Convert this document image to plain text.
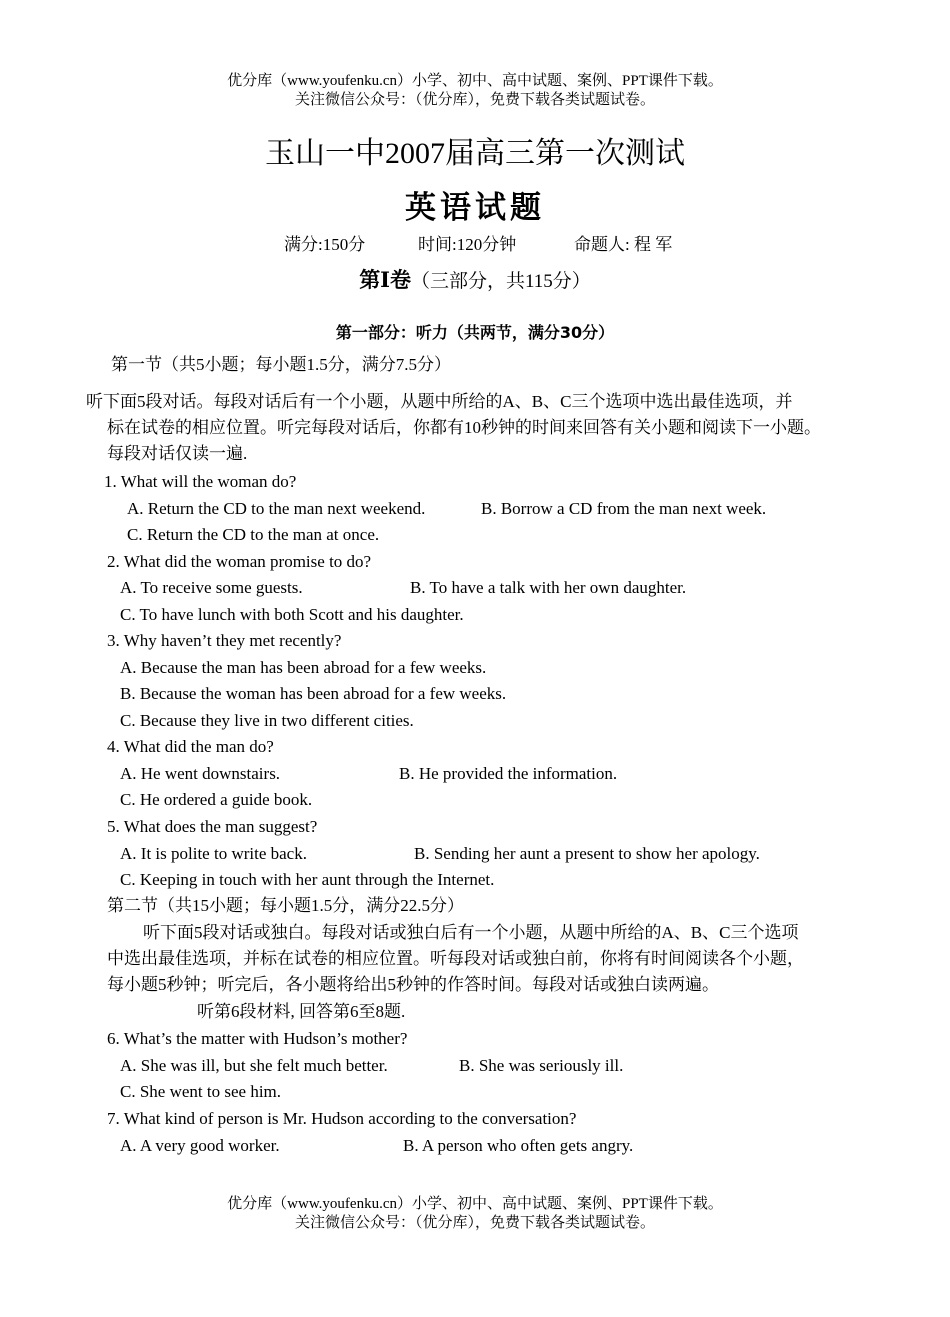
优分库（www.youfenku.cn）小学、初中、高中试题、案例、PPT课件下载。
关注微信公众号：（优分库），免费下载各类试题试卷。
玉山一中2007届高三第一次测试
英语试题
满分:150分	时间:120分钟	命题人: 程 军
第Ⅰ卷（三部分，共115分）
第一部分：听力（共两节，满分30分）
第一节（共5小题；每小题1.5分，满分7.5分）
听下面5段对话。每段对话后有一个小题，从题中所给的A、B、C三个选项中选出最佳选项，并
标在试卷的相应位置。听完每段对话后，你都有10秒钟的时间来回答有关小题和阅读下一小题。
每段对话仅读一遍.
1. What will the woman do?
A. Return the CD to the man next weekend.	B. Borrow a CD from the man next week.
C. Return the CD to the man at once.
2. What did the woman promise to do?
A. To receive some guests.	B. To have a talk with her own daughter.
C. To have lunch with both Scott and his daughter.
3. Why haven’t they met recently?
A. Because the man has been abroad for a few weeks.
B. Because the woman has been abroad for a few weeks.
C. Because they live in two different cities.
4. What did the man do?
A. He went downstairs.	B. He provided the information.
C. He ordered a guide book.
5. What does the man suggest?
A. It is polite to write back.	B. Sending her aunt a present to show her apology.
C. Keeping in touch with her aunt through the Internet.
第二节（共15小题；每小题1.5分，满分22.5分）
听下面5段对话或独白。每段对话或独白后有一个小题，从题中所给的A、B、C三个选项
中选出最佳选项，并标在试卷的相应位置。听每段对话或独白前，你将有时间阅读各个小题，
每小题5秒钟；听完后，各小题将给出5秒钟的作答时间。每段对话或独白读两遍。
听第6段材料, 回答第6至8题.
6. What’s the matter with Hudson’s mother?
A. She was ill, but she felt much better.	B. She was seriously ill.
C. She went to see him.
7. What kind of person is Mr. Hudson according to the conversation?
A. A very good worker.	B. A person who often gets angry.
优分库（www.youfenku.cn）小学、初中、高中试题、案例、PPT课件下载。
关注微信公众号：（优分库），免费下载各类试题试卷。
